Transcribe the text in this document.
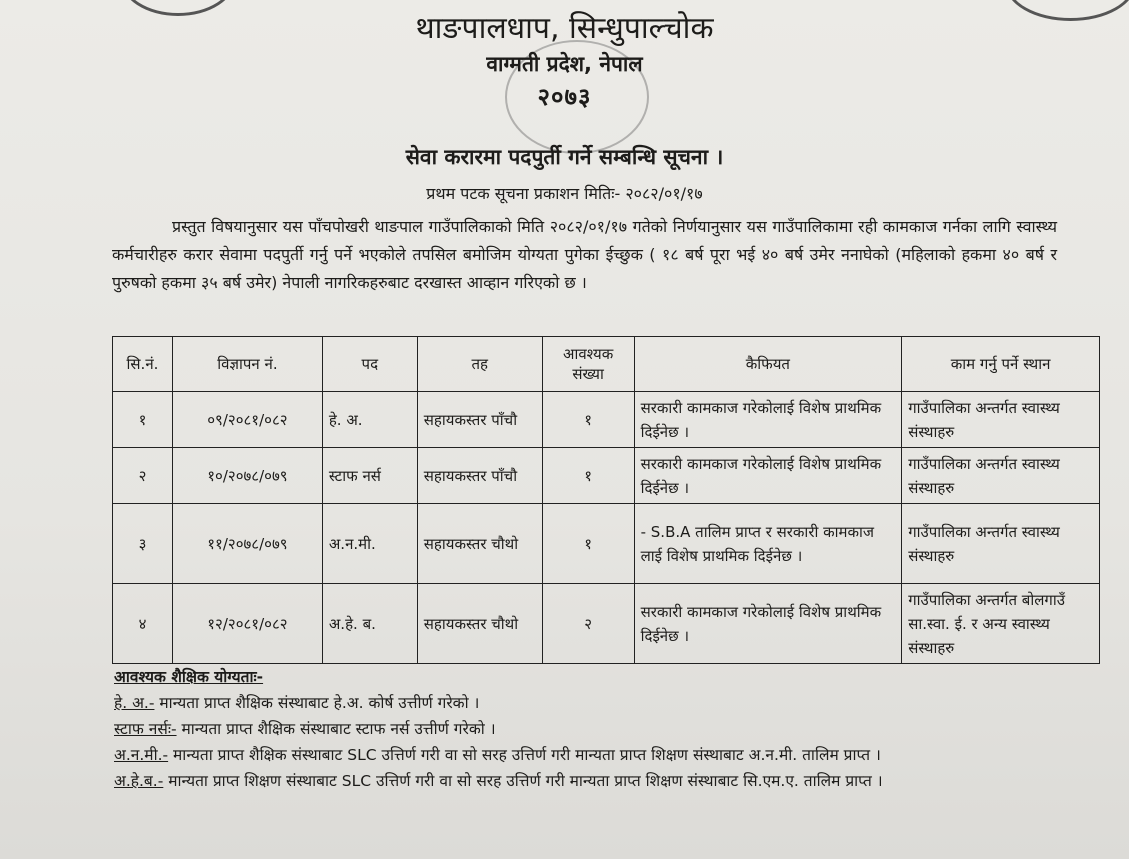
थाङपालधाप, सिन्धुपाल्चोक
वाग्मती प्रदेश, नेपाल
२०७३
सेवा करारमा पदपुर्ती गर्ने सम्बन्धि सूचना ।
प्रथम पटक सूचना प्रकाशन मितिः- २०८२/०१/१७
प्रस्तुत विषयानुसार यस पाँचपोखरी थाङपाल गाउँपालिकाको मिति २०८२/०१/१७ गतेको निर्णयानुसार यस गाउँपालिकामा रही कामकाज गर्नका लागि स्वास्थ्य कर्मचारीहरु करार सेवामा पदपुर्ती गर्नु पर्ने भएकोले तपसिल बमोजिम योग्यता पुगेका ईच्छुक ( १८ बर्ष पूरा भई ४० बर्ष उमेर ननाघेको (महिलाको हकमा ४० बर्ष र पुरुषको हकमा ३५ बर्ष उमेर) नेपाली नागरिकहरुबाट दरखास्त आव्हान गरिएको छ ।
सि.नं.	विज्ञापन नं.	पद	तह	आवश्यक संख्या	कैफियत	काम गर्नु पर्ने स्थान
१	०९/२०८१/०८२	हे. अ.	सहायकस्तर पाँचौ	१	सरकारी कामकाज गरेकोलाई विशेष प्राथमिक दिईनेछ ।	गाउँपालिका अन्तर्गत स्वास्थ्य संस्थाहरु
२	१०/२०७८/०७९	स्टाफ नर्स	सहायकस्तर पाँचौ	१	सरकारी कामकाज गरेकोलाई विशेष प्राथमिक दिईनेछ ।	गाउँपालिका अन्तर्गत स्वास्थ्य संस्थाहरु
३	११/२०७८/०७९	अ.न.मी.	सहायकस्तर चौथो	१	- S.B.A तालिम प्राप्त र सरकारी कामकाज लाई विशेष प्राथमिक दिईनेछ ।	गाउँपालिका अन्तर्गत स्वास्थ्य संस्थाहरु
४	१२/२०८१/०८२	अ.हे. ब.	सहायकस्तर चौथो	२	सरकारी कामकाज गरेकोलाई विशेष प्राथमिक दिईनेछ ।	गाउँपालिका अन्तर्गत बोलगाउँ सा.स्वा. ई. र अन्य स्वास्थ्य संस्थाहरु
आवश्यक शैक्षिक योग्यताः-
हे. अ.- मान्यता प्राप्त शैक्षिक संस्थाबाट हे.अ. कोर्ष उत्तीर्ण गरेको ।
स्टाफ नर्सः- मान्यता प्राप्त शैक्षिक संस्थाबाट स्टाफ नर्स उत्तीर्ण गरेको ।
अ.न.मी.- मान्यता प्राप्त शैक्षिक संस्थाबाट SLC उत्तिर्ण गरी वा सो सरह उत्तिर्ण गरी मान्यता प्राप्त शिक्षण संस्थाबाट अ.न.मी. तालिम प्राप्त ।
अ.हे.ब.- मान्यता प्राप्त शिक्षण संस्थाबाट SLC उत्तिर्ण गरी वा सो सरह उत्तिर्ण गरी मान्यता प्राप्त शिक्षण संस्थाबाट सि.एम.ए. तालिम प्राप्त ।
